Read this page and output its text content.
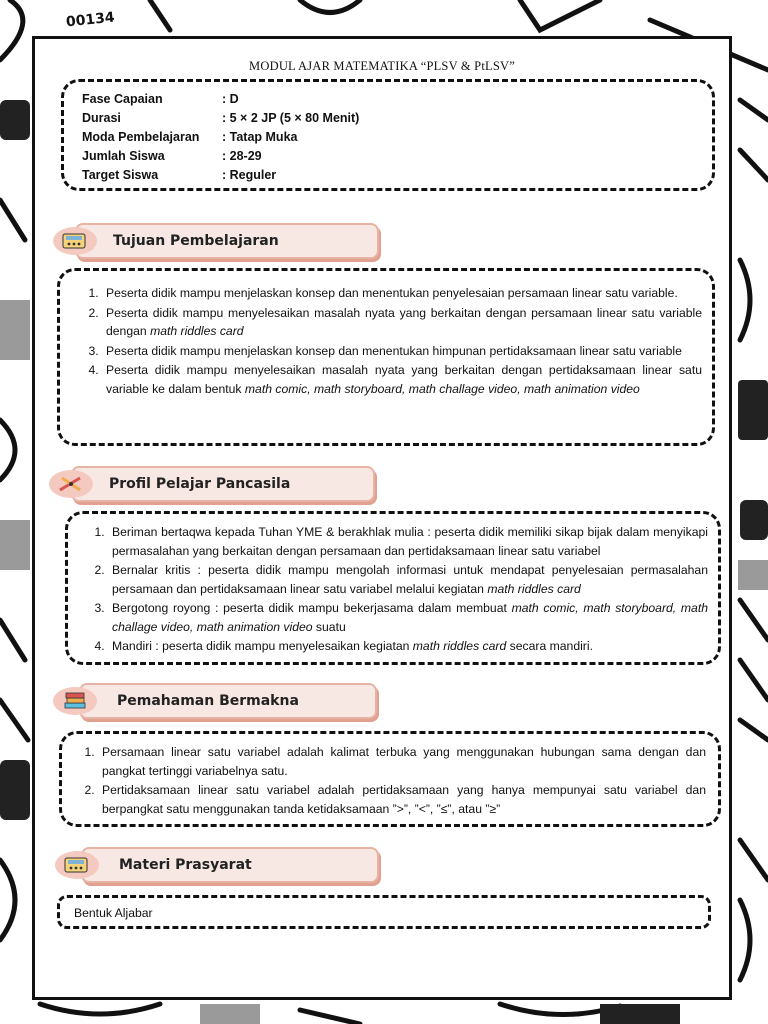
00134
MODUL AJAR MATEMATIKA “PLSV & PtLSV”
Fase Capaian	: D
Durasi	: 5 × 2 JP (5 × 80 Menit)
Moda Pembelajaran	: Tatap Muka
Jumlah Siswa	: 28-29
Target Siswa	: Reguler
Tujuan Pembelajaran
1. Peserta didik mampu menjelaskan konsep dan menentukan penyelesaian persamaan linear satu variable.
2. Peserta didik mampu menyelesaikan masalah nyata yang berkaitan dengan persamaan linear satu variable dengan math riddles card
3. Peserta didik mampu menjelaskan konsep dan menentukan himpunan pertidaksamaan linear satu variable
4. Peserta didik mampu menyelesaikan masalah nyata yang berkaitan dengan pertidaksamaan linear satu variable ke dalam bentuk math comic, math storyboard, math challage video, math animation video
Profil Pelajar Pancasila
1. Beriman bertaqwa kepada Tuhan YME & berakhlak mulia : peserta didik memiliki sikap bijak dalam menyikapi permasalahan yang berkaitan dengan persamaan dan pertidaksamaan linear satu variabel
2. Bernalar kritis : peserta didik mampu mengolah informasi untuk mendapat penyelesaian permasalahan persamaan dan pertidaksamaan linear satu variabel melalui kegiatan math riddles card
3. Bergotong royong : peserta didik mampu bekerjasama dalam membuat math comic, math storyboard, math challage video, math animation video suatu
4. Mandiri : peserta didik mampu menyelesaikan kegiatan math riddles card secara mandiri.
Pemahaman Bermakna
1. Persamaan linear satu variabel adalah kalimat terbuka yang menggunakan hubungan sama dengan dan pangkat tertinggi variabelnya satu.
2. Pertidaksamaan linear satu variabel adalah pertidaksamaan yang hanya mempunyai satu variabel dan berpangkat satu menggunakan tanda ketidaksamaan ”>”, ”<”, ”≤”, atau ”≥”
Materi Prasyarat
Bentuk Aljabar
